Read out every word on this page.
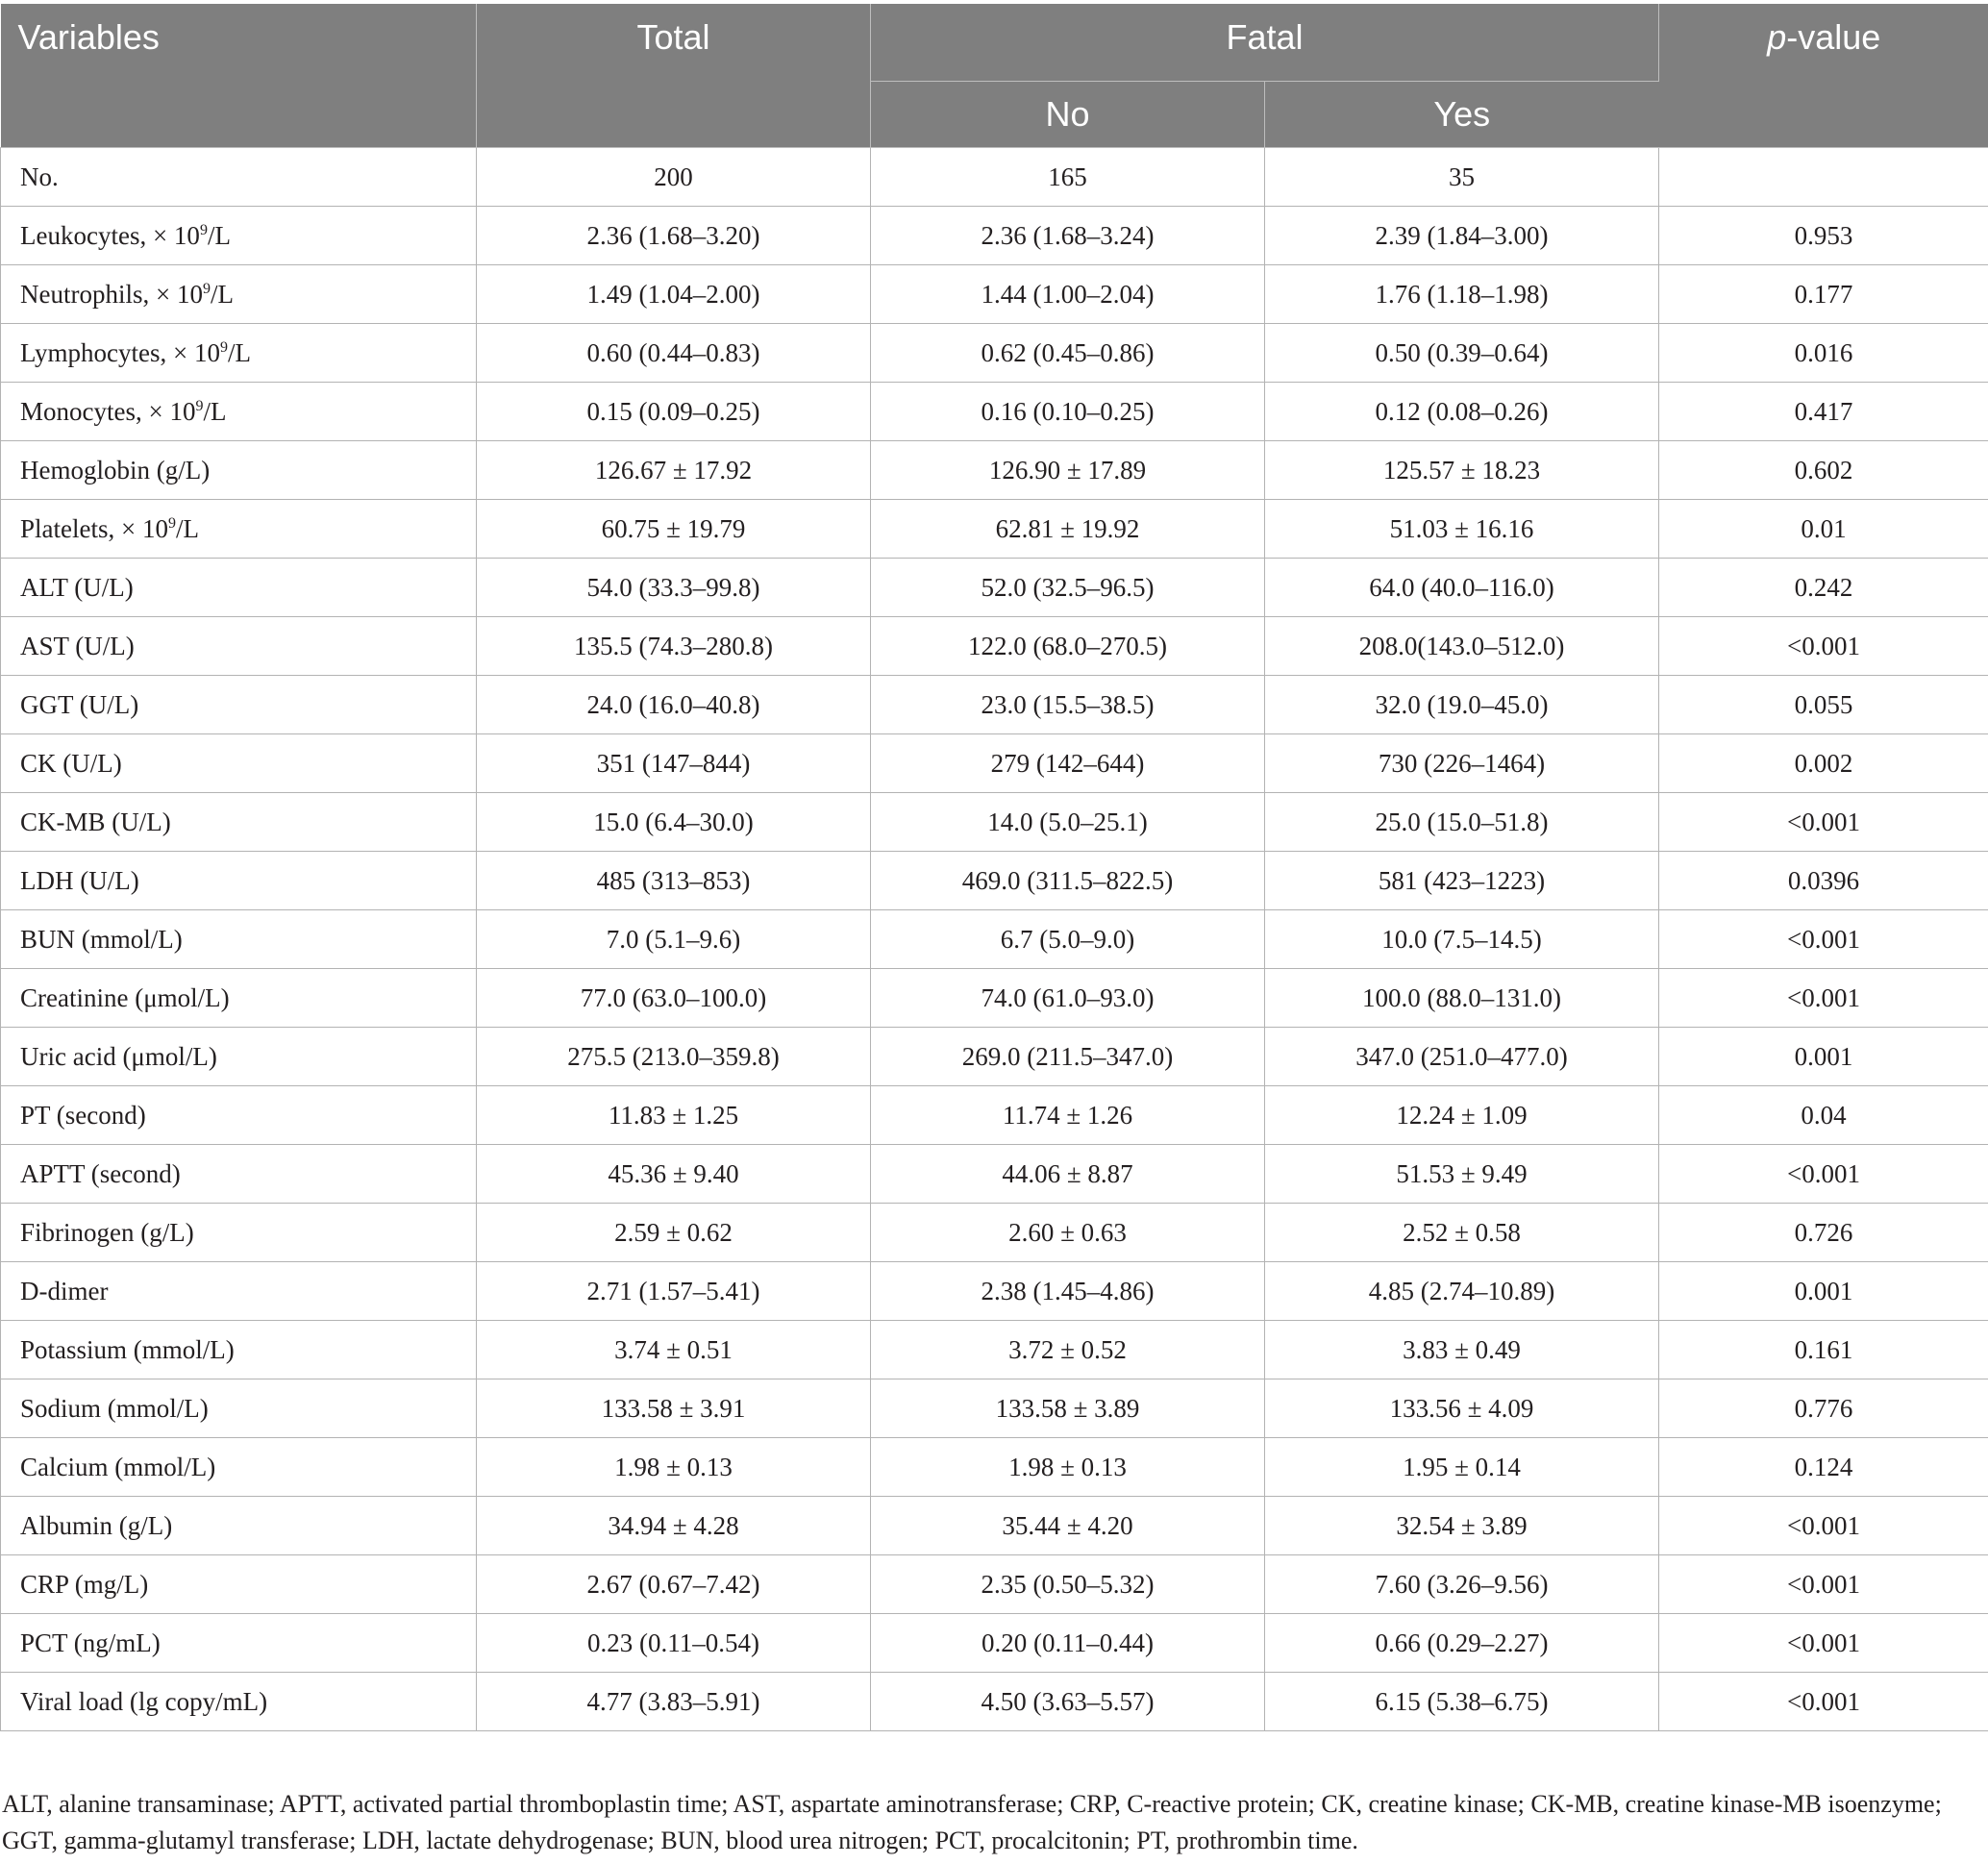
Variables	Total	Fatal		p-value
		No	Yes	
No.	200	165	35	
Leukocytes, × $10^9/L$	2.36 (1.68–3.20)	2.36 (1.68–3.24)	2.39 (1.84–3.00)	0.953
Neutrophils, × $10^9/L$	1.49 (1.04–2.00)	1.44 (1.00–2.04)	1.76 (1.18–1.98)	0.177
Lymphocytes, × $10^9/L$	0.60 (0.44–0.83)	0.62 (0.45–0.86)	0.50 (0.39–0.64)	0.016
Monocytes, × $10^9/L$	0.15 (0.09–0.25)	0.16 (0.10–0.25)	0.12 (0.08–0.26)	0.417
Hemoglobin (g/L)	126.67 ± 17.92	126.90 ± 17.89	125.57 ± 18.23	0.602
Platelets, × $10^9/L$	60.75 ± 19.79	62.81 ± 19.92	51.03 ± 16.16	0.01
ALT (U/L)	54.0 (33.3–99.8)	52.0 (32.5–96.5)	64.0 (40.0–116.0)	0.242
AST (U/L)	135.5 (74.3–280.8)	122.0 (68.0–270.5)	208.0(143.0–512.0)	<0.001
GGT (U/L)	24.0 (16.0–40.8)	23.0 (15.5–38.5)	32.0 (19.0–45.0)	0.055
CK (U/L)	351 (147–844)	279 (142–644)	730 (226–1464)	0.002
CK-MB (U/L)	15.0 (6.4–30.0)	14.0 (5.0–25.1)	25.0 (15.0–51.8)	<0.001
LDH (U/L)	485 (313–853)	469.0 (311.5–822.5)	581 (423–1223)	0.0396
BUN (mmol/L)	7.0 (5.1–9.6)	6.7 (5.0–9.0)	10.0 (7.5–14.5)	<0.001
Creatinine (μmol/L)	77.0 (63.0–100.0)	74.0 (61.0–93.0)	100.0 (88.0–131.0)	<0.001
Uric acid (μmol/L)	275.5 (213.0–359.8)	269.0 (211.5–347.0)	347.0 (251.0–477.0)	0.001
PT (second)	11.83 ± 1.25	11.74 ± 1.26	12.24 ± 1.09	0.04
APTT (second)	45.36 ± 9.40	44.06 ± 8.87	51.53 ± 9.49	<0.001
Fibrinogen (g/L)	2.59 ± 0.62	2.60 ± 0.63	2.52 ± 0.58	0.726
D-dimer	2.71 (1.57–5.41)	2.38 (1.45–4.86)	4.85 (2.74–10.89)	0.001
Potassium (mmol/L)	3.74 ± 0.51	3.72 ± 0.52	3.83 ± 0.49	0.161
Sodium (mmol/L)	133.58 ± 3.91	133.58 ± 3.89	133.56 ± 4.09	0.776
Calcium (mmol/L)	1.98 ± 0.13	1.98 ± 0.13	1.95 ± 0.14	0.124
Albumin (g/L)	34.94 ± 4.28	35.44 ± 4.20	32.54 ± 3.89	<0.001
CRP (mg/L)	2.67 (0.67–7.42)	2.35 (0.50–5.32)	7.60 (3.26–9.56)	<0.001
PCT (ng/mL)	0.23 (0.11–0.54)	0.20 (0.11–0.44)	0.66 (0.29–2.27)	<0.001
Viral load (lg copy/mL)	4.77 (3.83–5.91)	4.50 (3.63–5.57)	6.15 (5.38–6.75)	<0.001
ALT, alanine transaminase; APTT, activated partial thromboplastin time; AST, aspartate aminotransferase; CRP, C-reactive protein; CK, creatine kinase; CK-MB, creatine kinase-MB isoenzyme; GGT, gamma-glutamyl transferase; LDH, lactate dehydrogenase; BUN, blood urea nitrogen; PCT, procalcitonin; PT, prothrombin time.
